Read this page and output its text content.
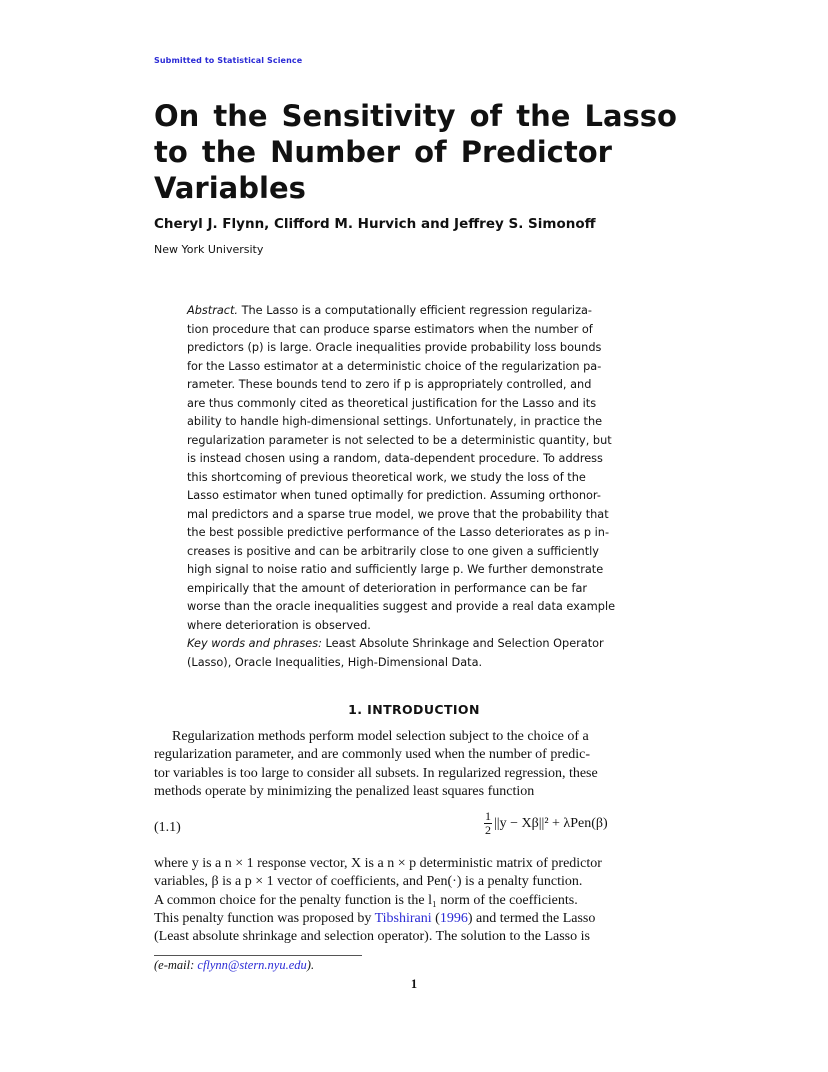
Submitted to Statistical Science
On the Sensitivity of the Lasso
to the Number of Predictor
Variables
Cheryl J. Flynn, Clifford M. Hurvich and Jeffrey S. Simonoff
New York University
Abstract. The Lasso is a computationally efficient regression regulariza-
tion procedure that can produce sparse estimators when the number of
predictors (p) is large. Oracle inequalities provide probability loss bounds
for the Lasso estimator at a deterministic choice of the regularization pa-
rameter. These bounds tend to zero if p is appropriately controlled, and
are thus commonly cited as theoretical justification for the Lasso and its
ability to handle high-dimensional settings. Unfortunately, in practice the
regularization parameter is not selected to be a deterministic quantity, but
is instead chosen using a random, data-dependent procedure. To address
this shortcoming of previous theoretical work, we study the loss of the
Lasso estimator when tuned optimally for prediction. Assuming orthonor-
mal predictors and a sparse true model, we prove that the probability that
the best possible predictive performance of the Lasso deteriorates as p in-
creases is positive and can be arbitrarily close to one given a sufficiently
high signal to noise ratio and sufficiently large p. We further demonstrate
empirically that the amount of deterioration in performance can be far
worse than the oracle inequalities suggest and provide a real data example
where deterioration is observed.
Key words and phrases: Least Absolute Shrinkage and Selection Operator
(Lasso), Oracle Inequalities, High-Dimensional Data.
1. INTRODUCTION
Regularization methods perform model selection subject to the choice of a
regularization parameter, and are commonly used when the number of predic-
tor variables is too large to consider all subsets. In regularized regression, these
methods operate by minimizing the penalized least squares function
(1.1)	$\frac{1}{2} ||y - X\beta||^2 + \lambda Pen(\beta)$
where y is a n × 1 response vector, X is a n × p deterministic matrix of predictor
variables, β is a p × 1 vector of coefficients, and Pen(·) is a penalty function.
A common choice for the penalty function is the l₁ norm of the coefficients.
This penalty function was proposed by Tibshirani (1996) and termed the Lasso
(Least absolute shrinkage and selection operator). The solution to the Lasso is
(e-mail: cflynn@stern.nyu.edu).
1
